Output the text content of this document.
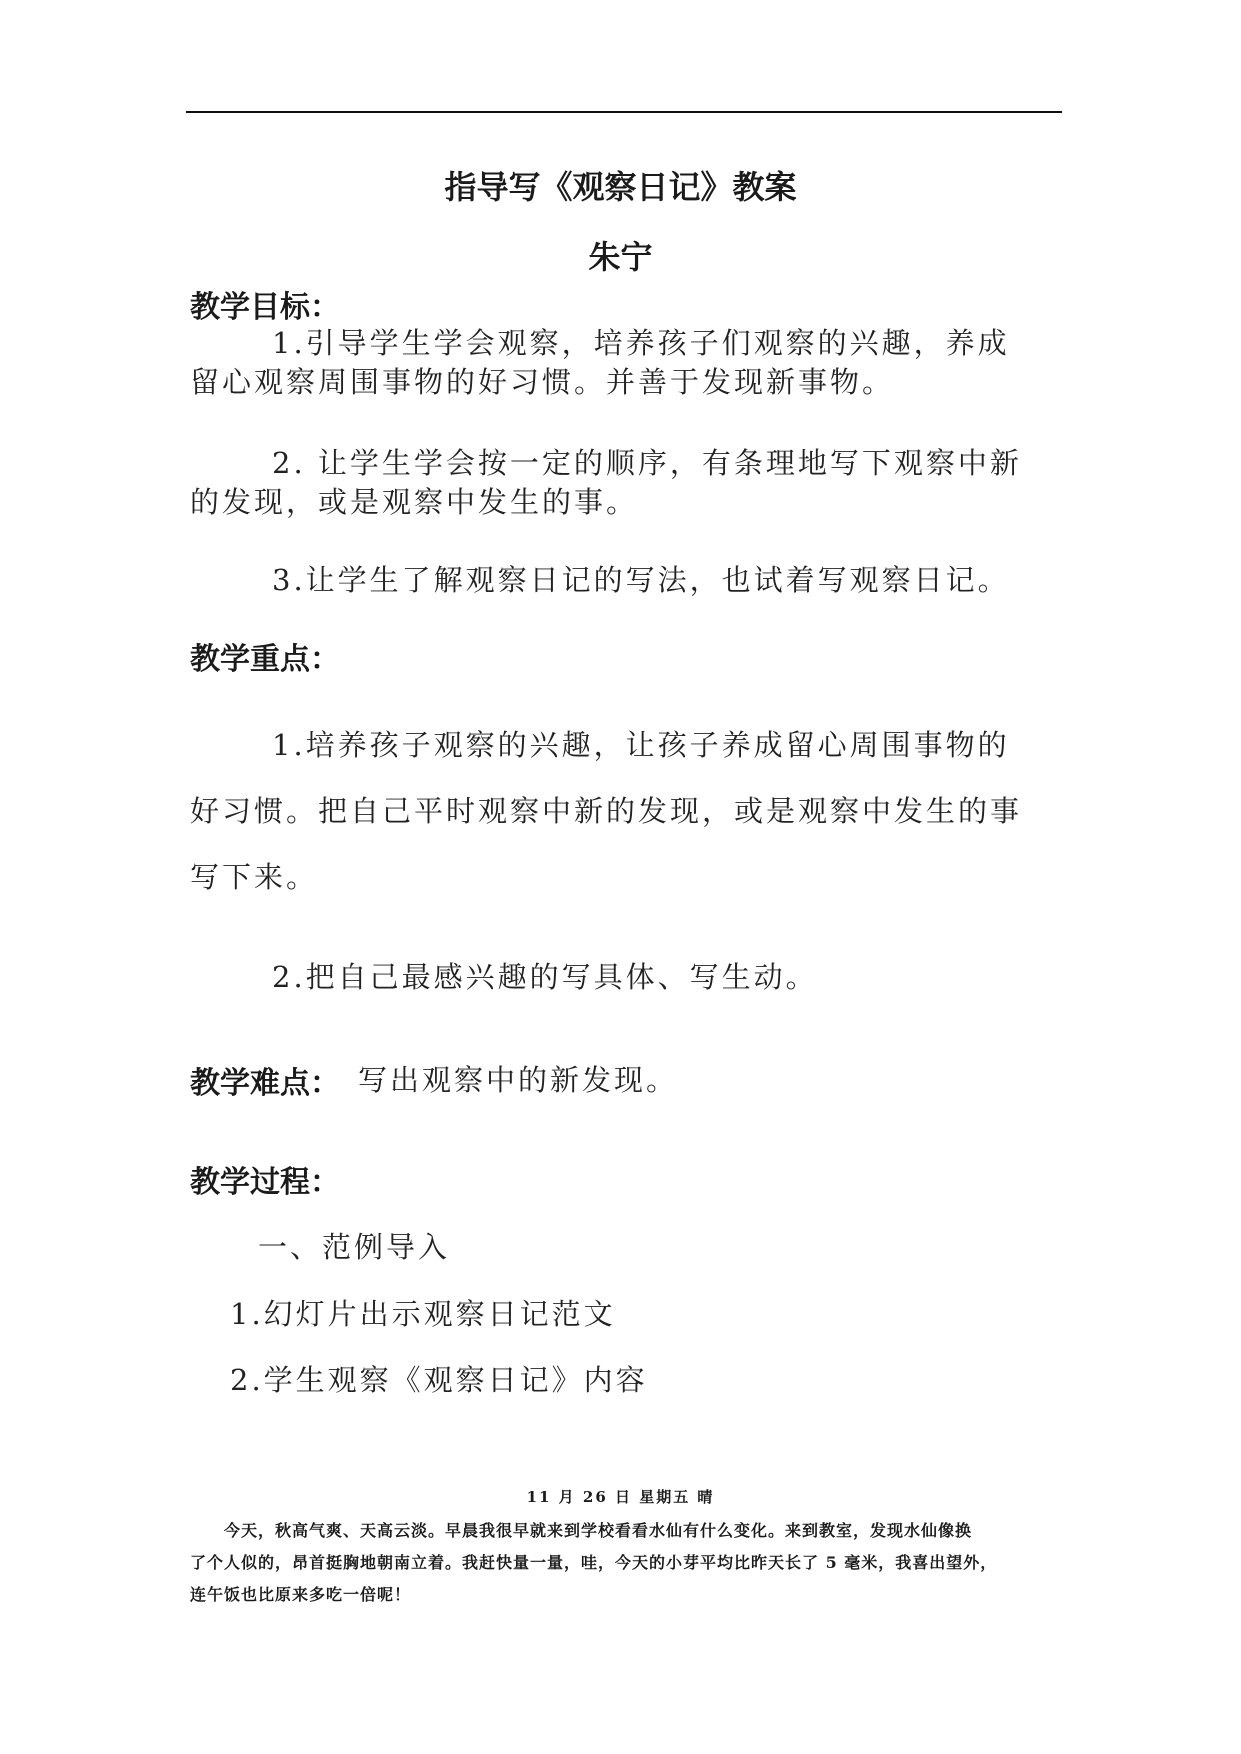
指导写《观察日记》教案

朱宁

教学目标：

1.引导学生学会观察，培养孩子们观察的兴趣，养成

留心观察周围事物的好习惯。并善于发现新事物。

2. 让学生学会按一定的顺序，有条理地写下观察中新

的发现，或是观察中发生的事。

3.让学生了解观察日记的写法，也试着写观察日记。

教学重点：

1.培养孩子观察的兴趣，让孩子养成留心周围事物的

好习惯。把自己平时观察中新的发现，或是观察中发生的事

写下来。

2.把自己最感兴趣的写具体、写生动。

教学难点： 写出观察中的新发现。

教学过程：

一、范例导入

1.幻灯片出示观察日记范文

2.学生观察《观察日记》内容

11 月 26 日 星期五 晴

今天，秋高气爽、天高云淡。早晨我很早就来到学校看看水仙有什么变化。来到教室，发现水仙像换

了个人似的，昂首挺胸地朝南立着。我赶快量一量，哇，今天的小芽平均比昨天长了 5 毫米，我喜出望外，

连午饭也比原来多吃一倍呢！
